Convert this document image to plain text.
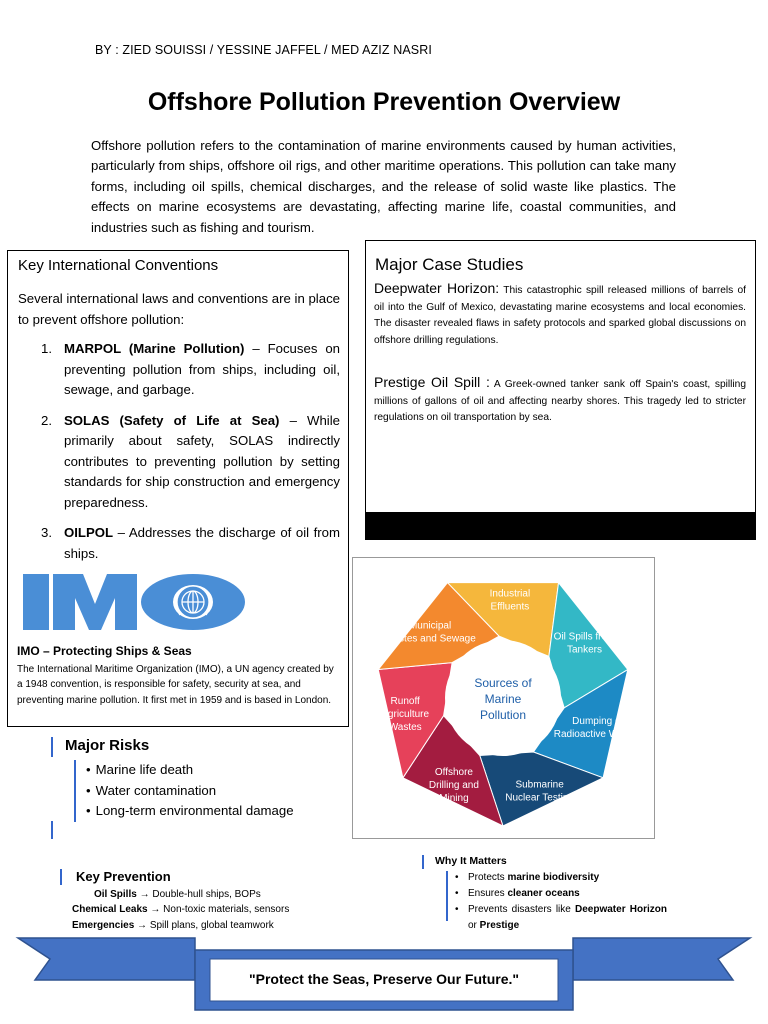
BY : ZIED SOUISSI / YESSINE JAFFEL / MED AZIZ NASRI
Offshore Pollution Prevention Overview
Offshore pollution refers to the contamination of marine environments caused by human activities, particularly from ships, offshore oil rigs, and other maritime operations. This pollution can take many forms, including oil spills, chemical discharges, and the release of solid waste like plastics. The effects on marine ecosystems are devastating, affecting marine life, coastal communities, and industries such as fishing and tourism.
Key International Conventions
Several international laws and conventions are in place to prevent offshore pollution:
1. MARPOL (Marine Pollution) – Focuses on preventing pollution from ships, including oil, sewage, and garbage.
2. SOLAS (Safety of Life at Sea) – While primarily about safety, SOLAS indirectly contributes to preventing pollution by setting standards for ship construction and emergency preparedness.
3. OILPOL – Addresses the discharge of oil from ships.
IMO – Protecting Ships & Seas
The International Maritime Organization (IMO), a UN agency created by a 1948 convention, is responsible for safety, security at sea, and preventing marine pollution. It first met in 1959 and is based in London.
Major Case Studies
Deepwater Horizon: This catastrophic spill released millions of barrels of oil into the Gulf of Mexico, devastating marine ecosystems and local economies. The disaster revealed flaws in safety protocols and sparked global discussions on offshore drilling regulations.
Prestige Oil Spill : A Greek-owned tanker sank off Spain's coast, spilling millions of gallons of oil and affecting nearby shores. This tragedy led to stricter regulations on oil transportation by sea.
Industrial
Effluents
Oil Spills from
Tankers
Dumping of
Radioactive Wastes
Submarine
Nuclear Testing
Offshore
Drilling and
Mining
Runoff
Agriculture
Wastes
Municipal
Wastes and Sewage
Sources of
Marine
Pollution
Major Risks
• Marine life death
• Water contamination
• Long-term environmental damage
Key Prevention
Oil Spills → Double-hull ships, BOPs
Chemical Leaks → Non-toxic materials, sensors
Emergencies → Spill plans, global teamwork
Why It Matters
• Protects marine biodiversity
• Ensures cleaner oceans
• Prevents disasters like Deepwater Horizon or Prestige
"Protect the Seas, Preserve Our Future."
